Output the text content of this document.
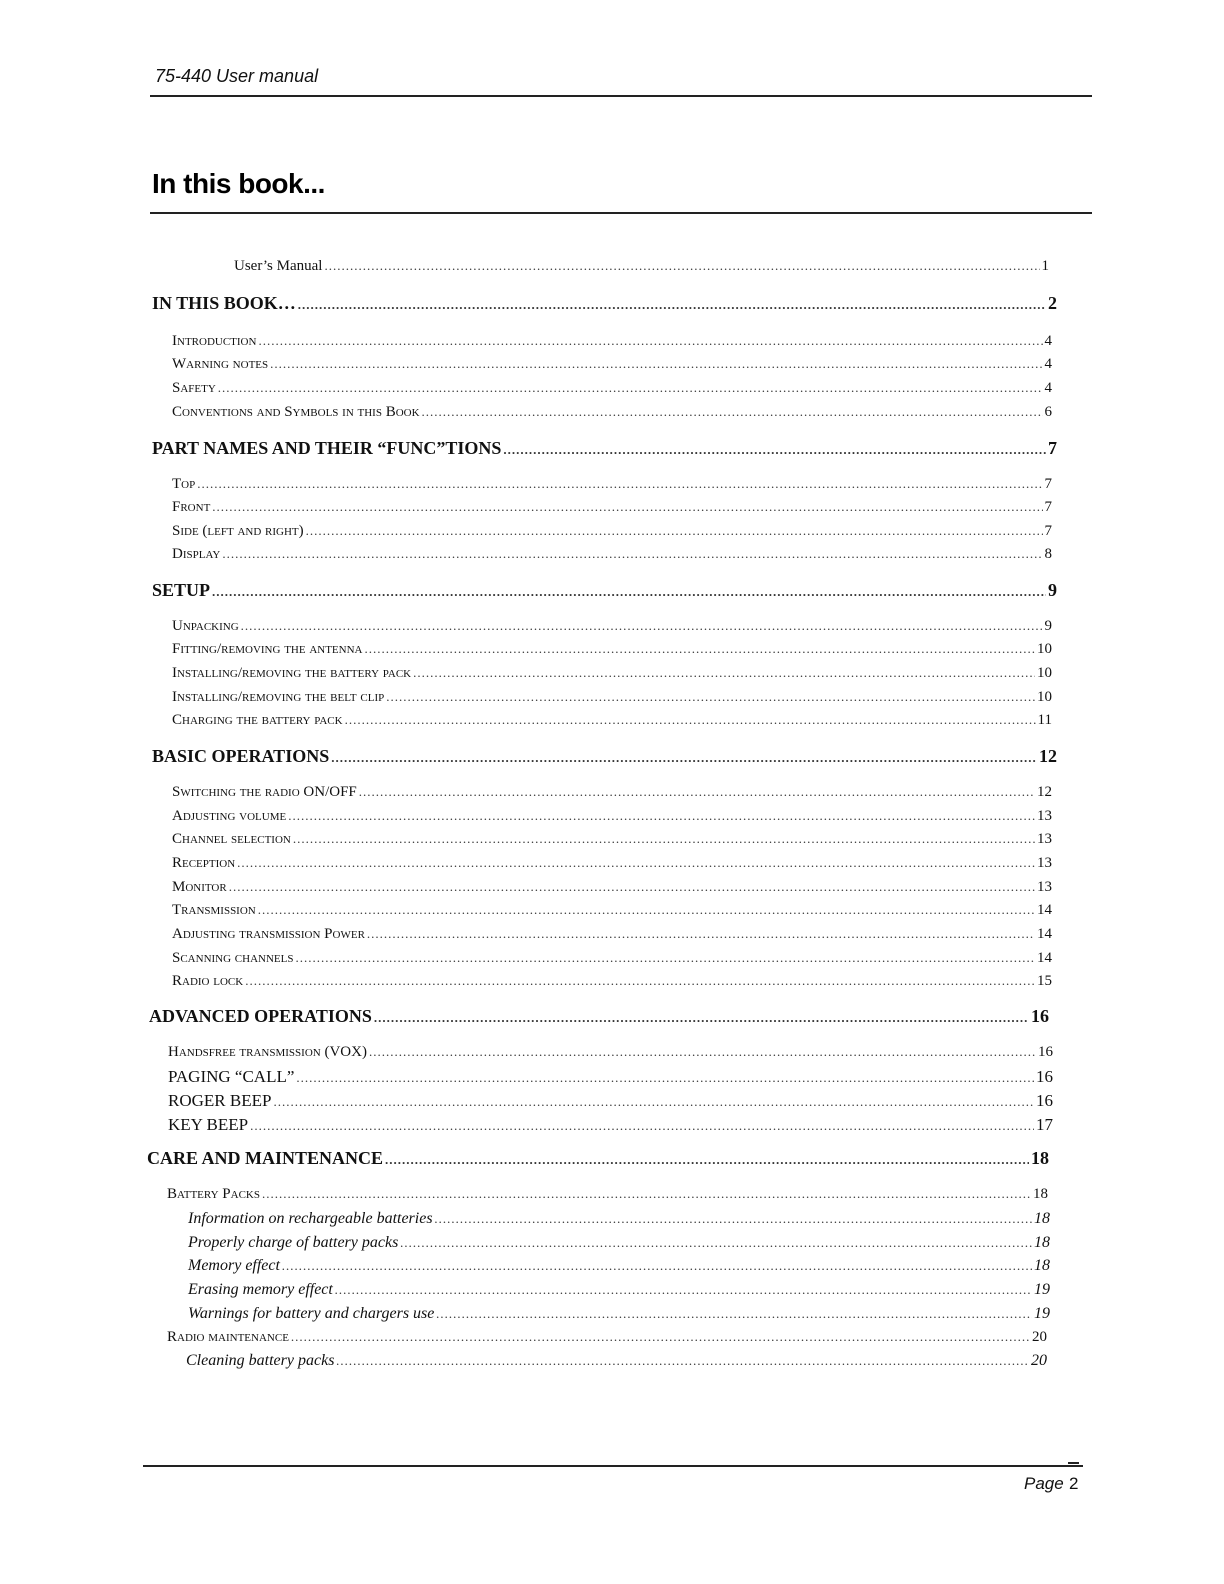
75-440 User manual
In this book...
User’s Manual .....	1
IN THIS BOOK… .....	2
Introduction .....	4
Warning notes .....	4
Safety .....	4
Conventions and Symbols in this Book .....	6
PART NAMES AND THEIR “FUNC”TIONS .....	7
Top .....	7
Front .....	7
Side (left and right) .....	7
Display .....	8
SETUP .....	9
Unpacking .....	9
Fitting/removing the antenna .....	10
Installing/removing the battery pack .....	10
Installing/removing the belt clip .....	10
Charging the battery pack .....	11
BASIC OPERATIONS .....	12
Switching the radio ON/OFF .....	12
Adjusting volume .....	13
Channel selection .....	13
Reception .....	13
Monitor .....	13
Transmission .....	14
Adjusting transmission Power .....	14
Scanning channels .....	14
Radio lock .....	15
ADVANCED OPERATIONS .....	16
Handsfree transmission (VOX) .....	16
PAGING “CALL” .....	16
ROGER BEEP .....	16
KEY BEEP .....	17
CARE AND MAINTENANCE .....	18
Battery Packs .....	18
Information on rechargeable batteries .....	18
Properly charge of battery packs .....	18
Memory effect .....	18
Erasing memory effect .....	19
Warnings for battery and chargers use .....	19
Radio maintenance .....	20
Cleaning battery packs .....	20
Page 2
